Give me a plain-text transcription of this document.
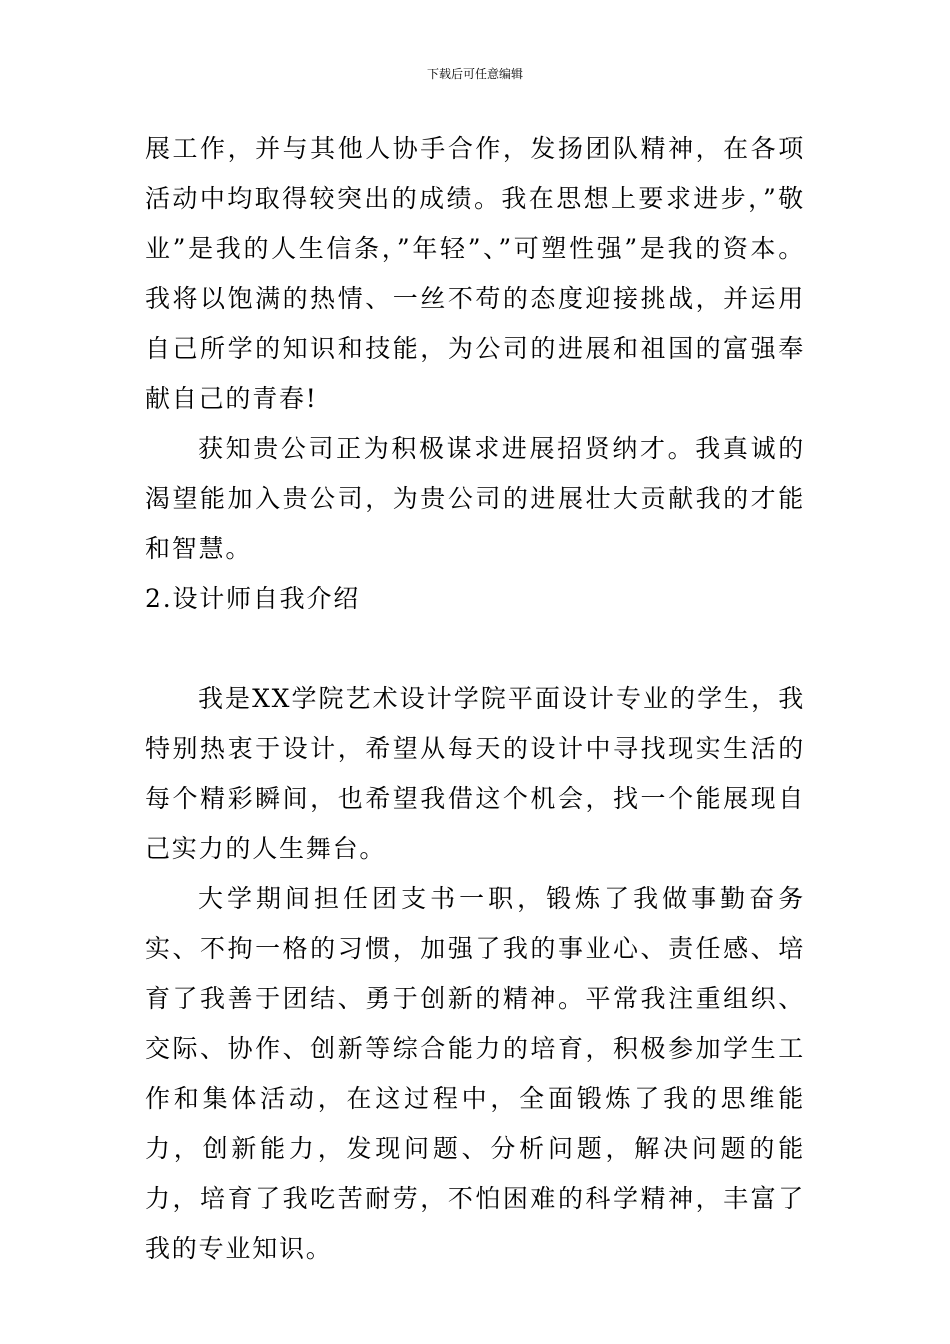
下载后可任意编辑

展工作，并与其他人协手合作，发扬团队精神，在各项活动中均取得较突出的成绩。我在思想上要求进步，”敬业”是我的人生信条，”年轻”、”可塑性强”是我的资本。我将以饱满的热情、一丝不苟的态度迎接挑战，并运用自己所学的知识和技能，为公司的进展和祖国的富强奉献自己的青春!

获知贵公司正为积极谋求进展招贤纳才。我真诚的渴望能加入贵公司，为贵公司的进展壮大贡献我的才能和智慧。

2.设计师自我介绍

我是XX学院艺术设计学院平面设计专业的学生，我特别热衷于设计，希望从每天的设计中寻找现实生活的每个精彩瞬间，也希望我借这个机会，找一个能展现自己实力的人生舞台。

大学期间担任团支书一职，锻炼了我做事勤奋务实、不拘一格的习惯，加强了我的事业心、责任感、培育了我善于团结、勇于创新的精神。平常我注重组织、交际、协作、创新等综合能力的培育，积极参加学生工作和集体活动，在这过程中，全面锻炼了我的思维能力，创新能力，发现问题、分析问题，解决问题的能力，培育了我吃苦耐劳，不怕困难的科学精神，丰富了我的专业知识。
